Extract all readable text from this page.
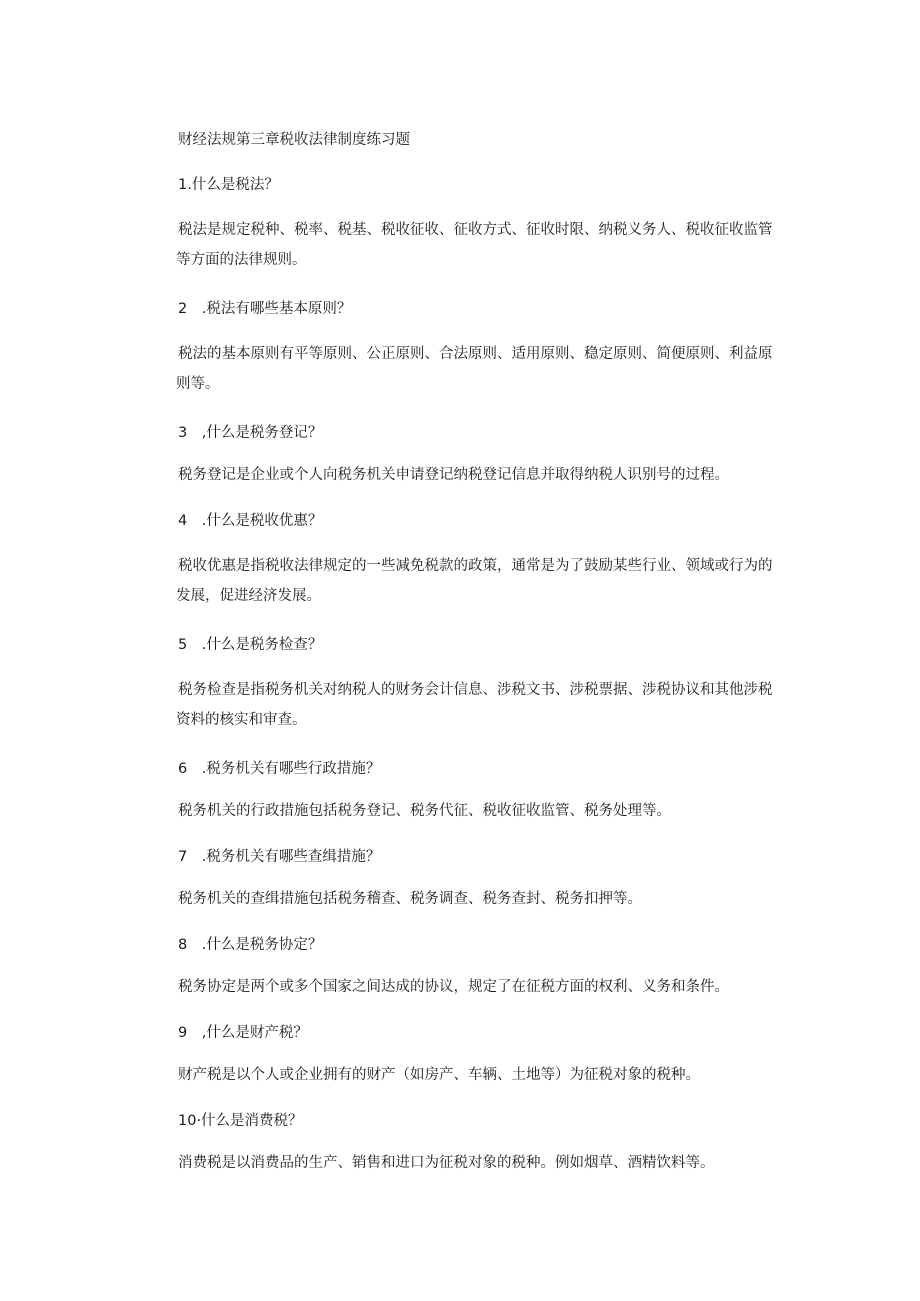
财经法规第三章税收法律制度练习题

1.什么是税法？

税法是规定税种、税率、税基、税收征收、征收方式、征收时限、纳税义务人、税收征收监管等方面的法律规则。

2　.税法有哪些基本原则？

税法的基本原则有平等原则、公正原则、合法原则、适用原则、稳定原则、简便原则、利益原则等。

3　,什么是税务登记？

税务登记是企业或个人向税务机关申请登记纳税登记信息并取得纳税人识别号的过程。

4　.什么是税收优惠？

税收优惠是指税收法律规定的一些减免税款的政策，通常是为了鼓励某些行业、领域或行为的发展，促进经济发展。

5　.什么是税务检查？

税务检查是指税务机关对纳税人的财务会计信息、涉税文书、涉税票据、涉税协议和其他涉税资料的核实和审查。

6　.税务机关有哪些行政措施？

税务机关的行政措施包括税务登记、税务代征、税收征收监管、税务处理等。

7　.税务机关有哪些查缉措施？

税务机关的查缉措施包括税务稽查、税务调查、税务查封、税务扣押等。

8　.什么是税务协定？

税务协定是两个或多个国家之间达成的协议，规定了在征税方面的权利、义务和条件。

9　,什么是财产税？

财产税是以个人或企业拥有的财产（如房产、车辆、土地等）为征税对象的税种。

10·什么是消费税？

消费税是以消费品的生产、销售和进口为征税对象的税种。例如烟草、酒精饮料等。
